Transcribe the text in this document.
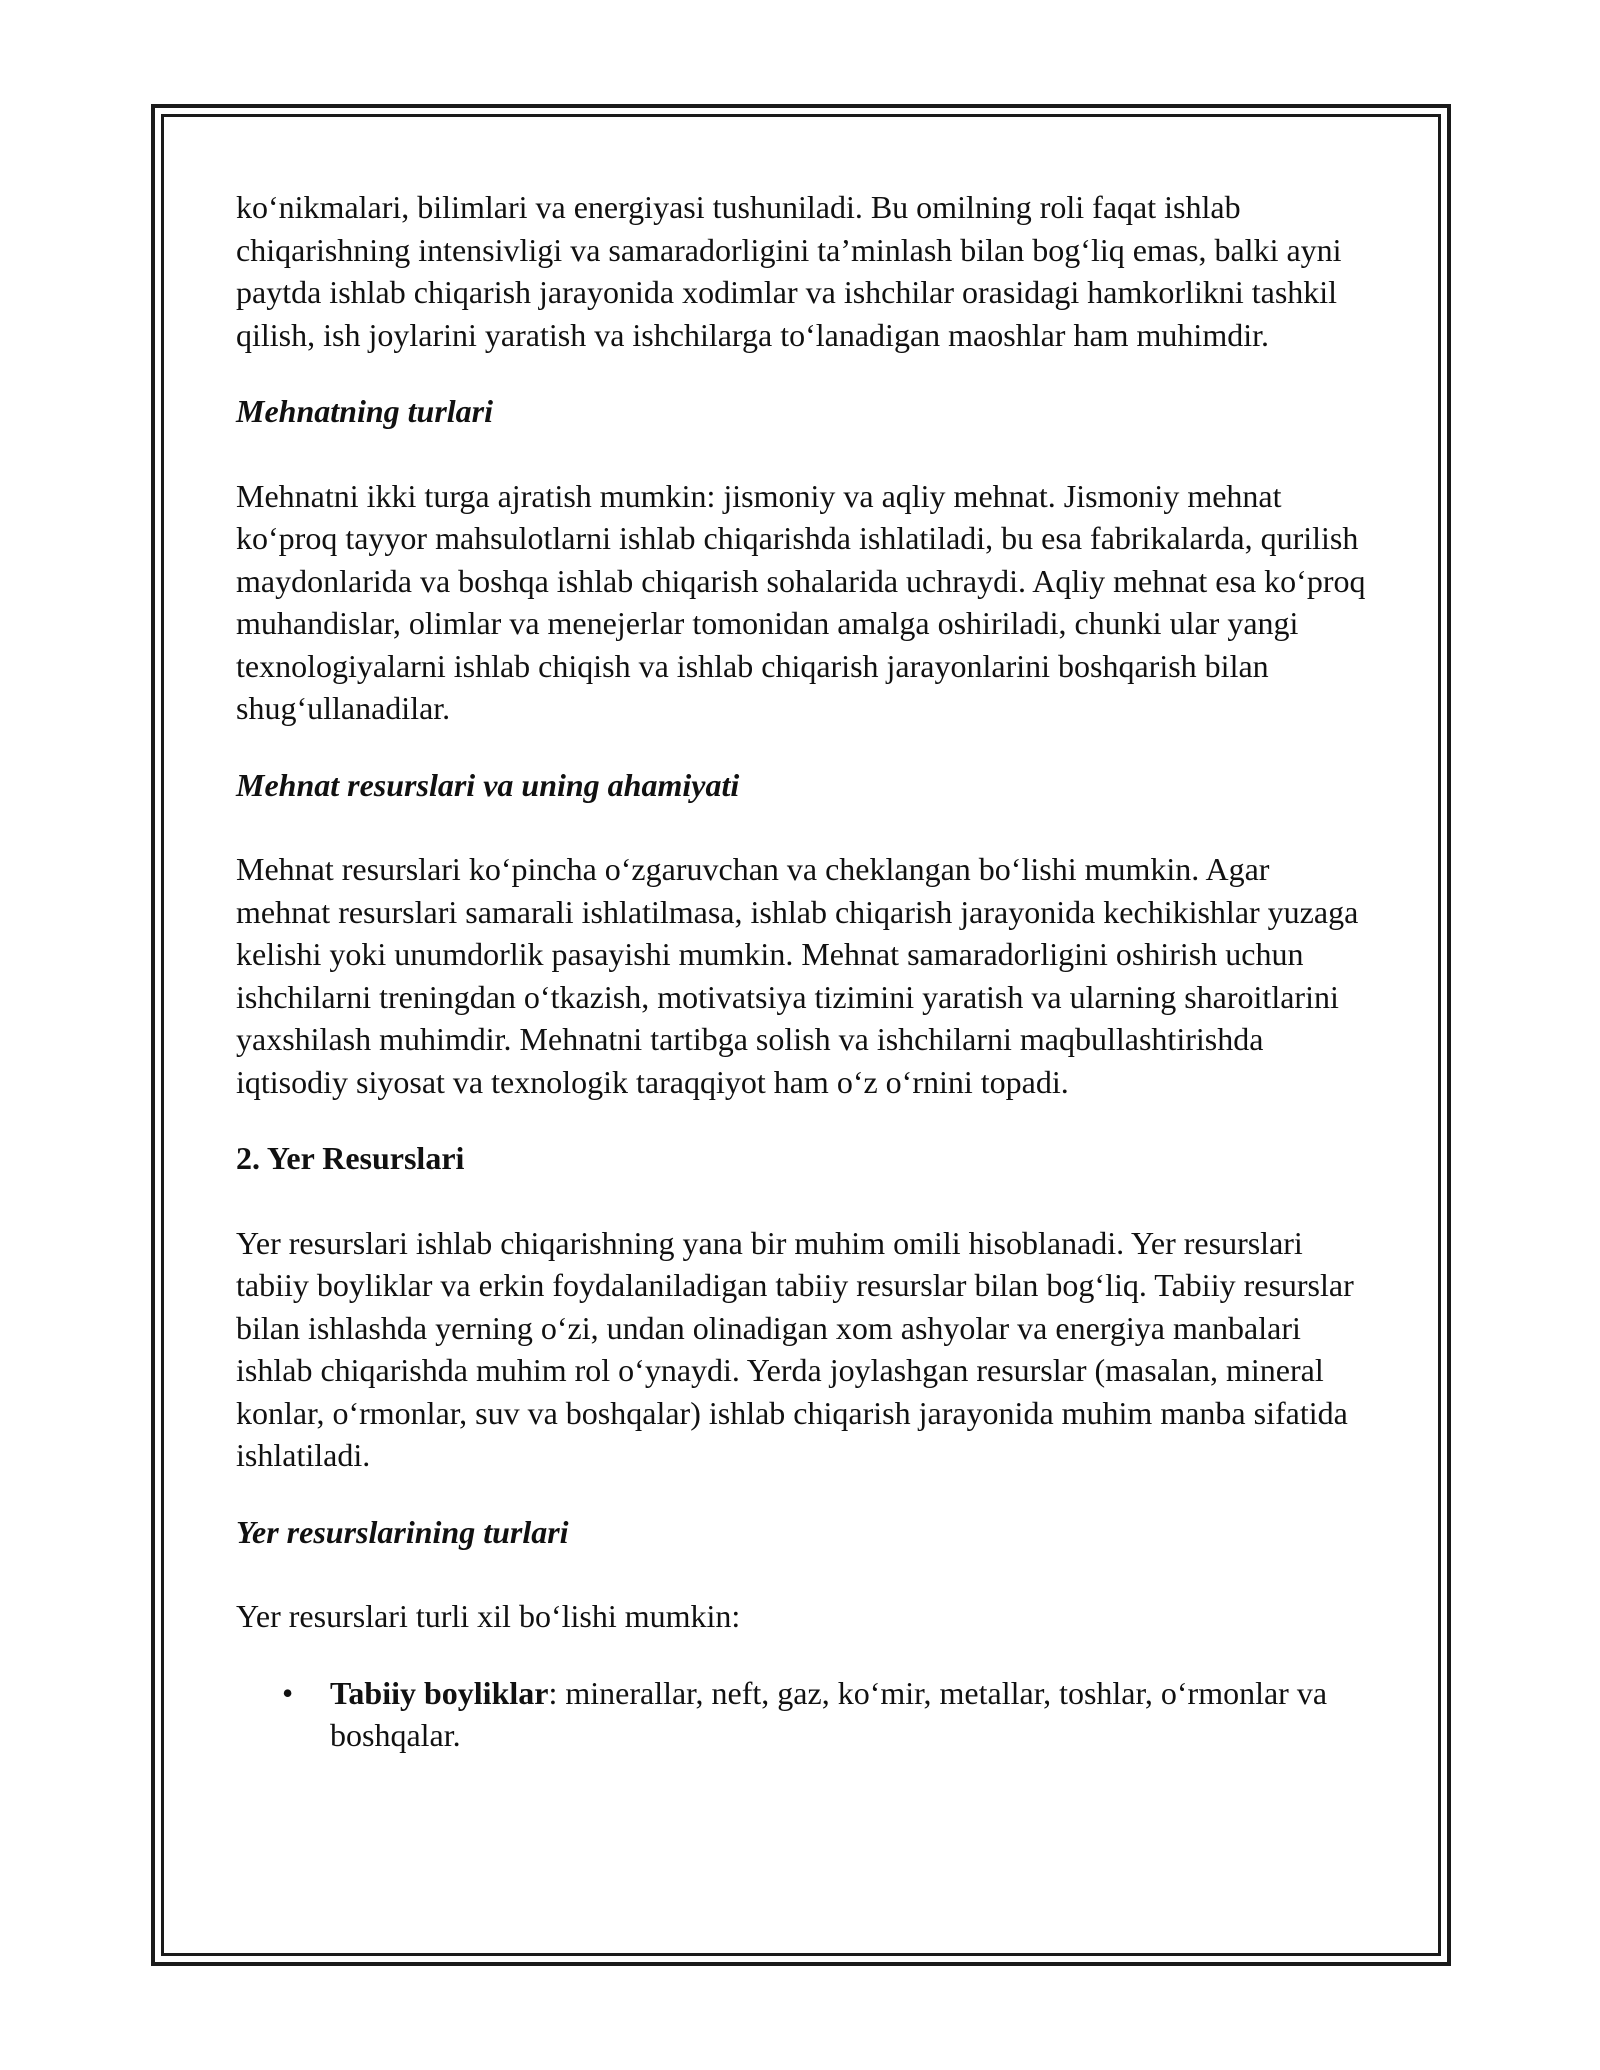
ko‘nikmalari, bilimlari va energiyasi tushuniladi. Bu omilning roli faqat ishlab chiqarishning intensivligi va samaradorligini ta’minlash bilan bog‘liq emas, balki ayni paytda ishlab chiqarish jarayonida xodimlar va ishchilar orasidagi hamkorlikni tashkil qilish, ish joylarini yaratish va ishchilarga to‘lanadigan maoshlar ham muhimdir.

Mehnatning turlari

Mehnatni ikki turga ajratish mumkin: jismoniy va aqliy mehnat. Jismoniy mehnat ko‘proq tayyor mahsulotlarni ishlab chiqarishda ishlatiladi, bu esa fabrikalarda, qurilish maydonlarida va boshqa ishlab chiqarish sohalarida uchraydi. Aqliy mehnat esa ko‘proq muhandislar, olimlar va menejerlar tomonidan amalga oshiriladi, chunki ular yangi texnologiyalarni ishlab chiqish va ishlab chiqarish jarayonlarini boshqarish bilan shug‘ullanadilar.

Mehnat resurslari va uning ahamiyati

Mehnat resurslari ko‘pincha o‘zgaruvchan va cheklangan bo‘lishi mumkin. Agar mehnat resurslari samarali ishlatilmasa, ishlab chiqarish jarayonida kechikishlar yuzaga kelishi yoki unumdorlik pasayishi mumkin. Mehnat samaradorligini oshirish uchun ishchilarni treningdan o‘tkazish, motivatsiya tizimini yaratish va ularning sharoitlarini yaxshilash muhimdir. Mehnatni tartibga solish va ishchilarni maqbullashtirishda iqtisodiy siyosat va texnologik taraqqiyot ham o‘z o‘rnini topadi.

2. Yer Resurslari

Yer resurslari ishlab chiqarishning yana bir muhim omili hisoblanadi. Yer resurslari tabiiy boyliklar va erkin foydalaniladigan tabiiy resurslar bilan bog‘liq. Tabiiy resurslar bilan ishlashda yerning o‘zi, undan olinadigan xom ashyolar va energiya manbalari ishlab chiqarishda muhim rol o‘ynaydi. Yerda joylashgan resurslar (masalan, mineral konlar, o‘rmonlar, suv va boshqalar) ishlab chiqarish jarayonida muhim manba sifatida ishlatiladi.

Yer resurslarining turlari

Yer resurslari turli xil bo‘lishi mumkin:

• Tabiiy boyliklar: minerallar, neft, gaz, ko‘mir, metallar, toshlar, o‘rmonlar va boshqalar.
